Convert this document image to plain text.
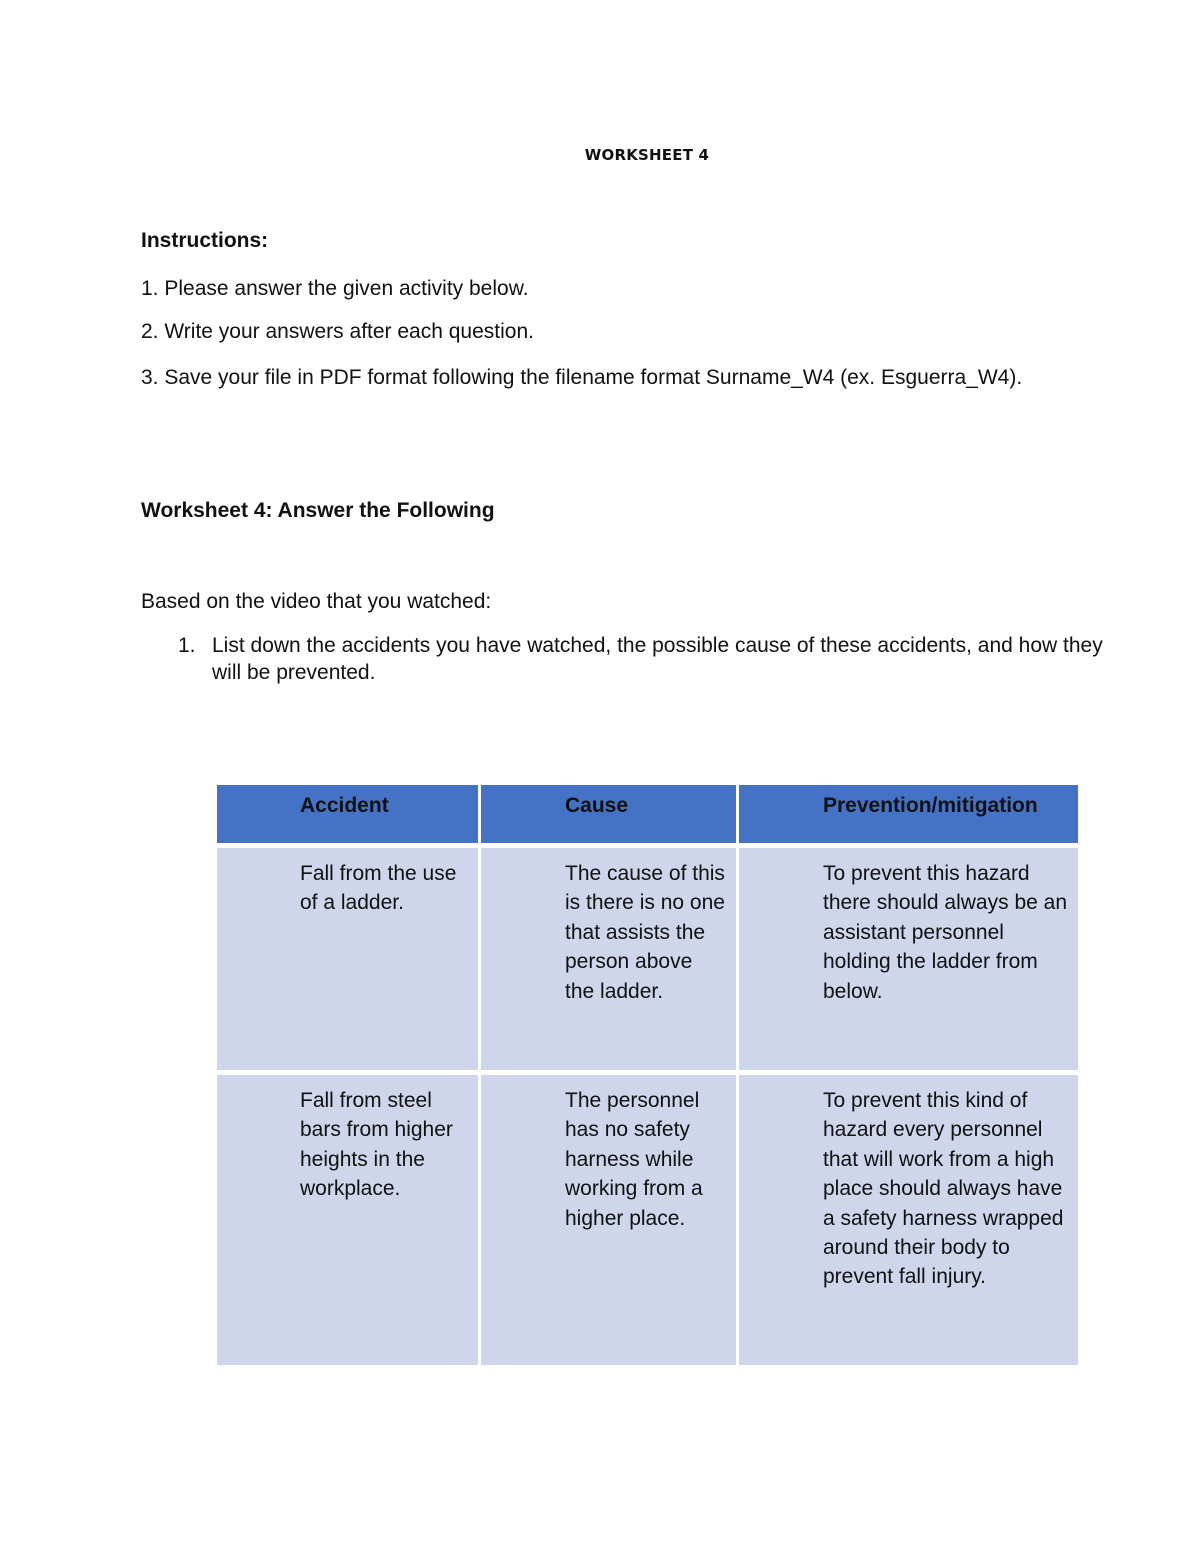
WORKSHEET 4
Instructions:
1. Please answer the given activity below.
2. Write your answers after each question.
3. Save your file in PDF format following the filename format Surname_W4 (ex. Esguerra_W4).
Worksheet 4: Answer the Following
Based on the video that you watched:
1. List down the accidents you have watched, the possible cause of these accidents, and how they will be prevented.
Accident	Cause	Prevention/mitigation

Fall from the use of a ladder.	The cause of this is there is no one that assists the person above the ladder.	To prevent this hazard there should always be an assistant personnel holding the ladder from below.

Fall from steel bars from higher heights in the workplace.	The personnel has no safety harness while working from a higher place.	To prevent this kind of hazard every personnel that will work from a high place should always have a safety harness wrapped around their body to prevent fall injury.
